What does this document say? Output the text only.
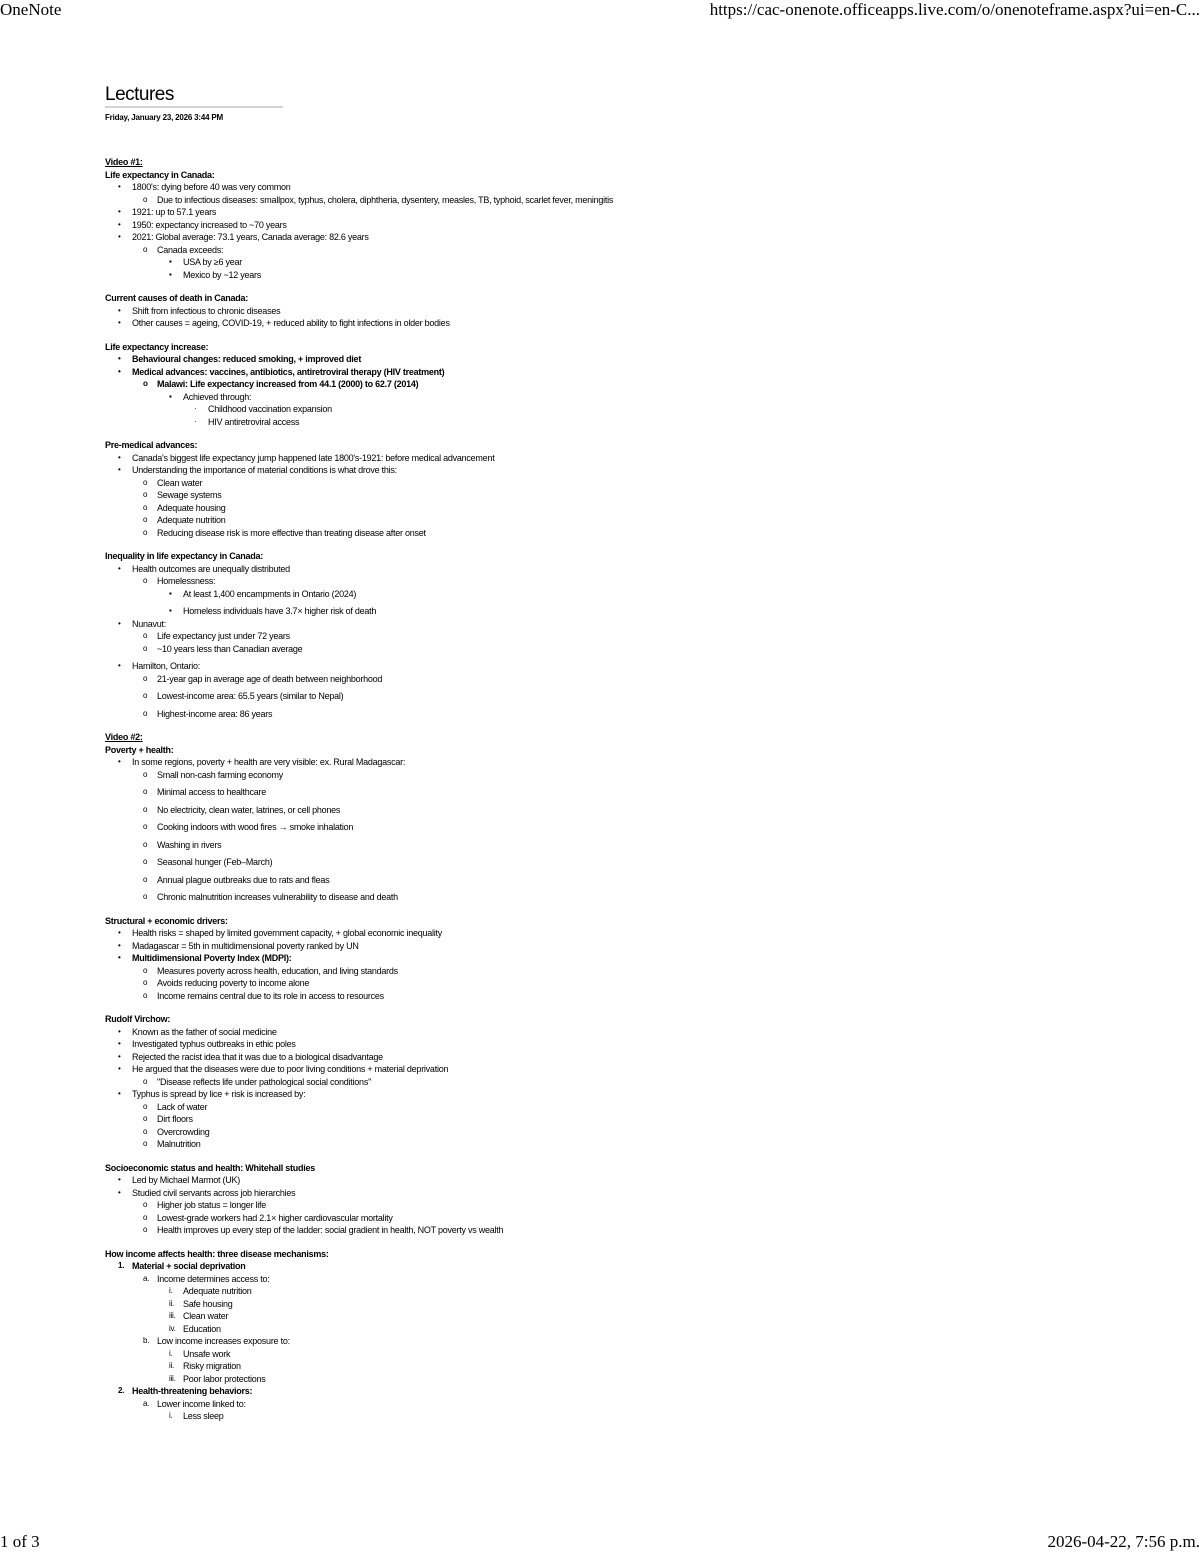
OneNote	https://cac-onenote.officeapps.live.com/o/onenoteframe.aspx?ui=en-C...
Lectures
Friday, January 23, 2026 3:44 PM
Video #1:
Life expectancy in Canada:
• 1800's: dying before 40 was very common
o Due to infectious diseases: smallpox, typhus, cholera, diphtheria, dysentery, measles, TB, typhoid, scarlet fever, meningitis
• 1921: up to 57.1 years
• 1950: expectancy increased to ~70 years
• 2021: Global average: 73.1 years, Canada average: 82.6 years
o Canada exceeds:
▪ USA by ≥6 year
▪ Mexico by ~12 years
Current causes of death in Canada:
• Shift from infectious to chronic diseases
• Other causes = ageing, COVID-19, + reduced ability to fight infections in older bodies
Life expectancy increase:
• Behavioural changes: reduced smoking, + improved diet
• Medical advances: vaccines, antibiotics, antiretroviral therapy (HIV treatment)
o Malawi: Life expectancy increased from 44.1 (2000) to 62.7 (2014)
▪ Achieved through:
· Childhood vaccination expansion
· HIV antiretroviral access
Pre-medical advances:
• Canada's biggest life expectancy jump happened late 1800's-1921: before medical advancement
• Understanding the importance of material conditions is what drove this:
o Clean water
o Sewage systems
o Adequate housing
o Adequate nutrition
o Reducing disease risk is more effective than treating disease after onset
Inequality in life expectancy in Canada:
• Health outcomes are unequally distributed
o Homelessness:
▪ At least 1,400 encampments in Ontario (2024)
▪ Homeless individuals have 3.7× higher risk of death
• Nunavut:
o Life expectancy just under 72 years
o ~10 years less than Canadian average
• Hamilton, Ontario:
o 21-year gap in average age of death between neighborhood
o Lowest-income area: 65.5 years (similar to Nepal)
o Highest-income area: 86 years
Video #2:
Poverty + health:
• In some regions, poverty + health are very visible: ex. Rural Madagascar:
o Small non-cash farming economy
o Minimal access to healthcare
o No electricity, clean water, latrines, or cell phones
o Cooking indoors with wood fires → smoke inhalation
o Washing in rivers
o Seasonal hunger (Feb–March)
o Annual plague outbreaks due to rats and fleas
o Chronic malnutrition increases vulnerability to disease and death
Structural + economic drivers:
• Health risks = shaped by limited government capacity, + global economic inequality
• Madagascar = 5th in multidimensional poverty ranked by UN
• Multidimensional Poverty Index (MDPI):
o Measures poverty across health, education, and living standards
o Avoids reducing poverty to income alone
o Income remains central due to its role in access to resources
Rudolf Virchow:
• Known as the father of social medicine
• Investigated typhus outbreaks in ethic poles
• Rejected the racist idea that it was due to a biological disadvantage
• He argued that the diseases were due to poor living conditions + material deprivation
o "Disease reflects life under pathological social conditions"
• Typhus is spread by lice + risk is increased by:
o Lack of water
o Dirt floors
o Overcrowding
o Malnutrition
Socioeconomic status and health: Whitehall studies
• Led by Michael Marmot (UK)
• Studied civil servants across job hierarchies
o Higher job status = longer life
o Lowest-grade workers had 2.1× higher cardiovascular mortality
o Health improves up every step of the ladder: social gradient in health, NOT poverty vs wealth
How income affects health: three disease mechanisms:
1. Material + social deprivation
a. Income determines access to:
i. Adequate nutrition
ii. Safe housing
iii. Clean water
iv. Education
b. Low income increases exposure to:
i. Unsafe work
ii. Risky migration
iii. Poor labor protections
2. Health-threatening behaviors:
a. Lower income linked to:
i. Less sleep
1 of 3	2026-04-22, 7:56 p.m.
